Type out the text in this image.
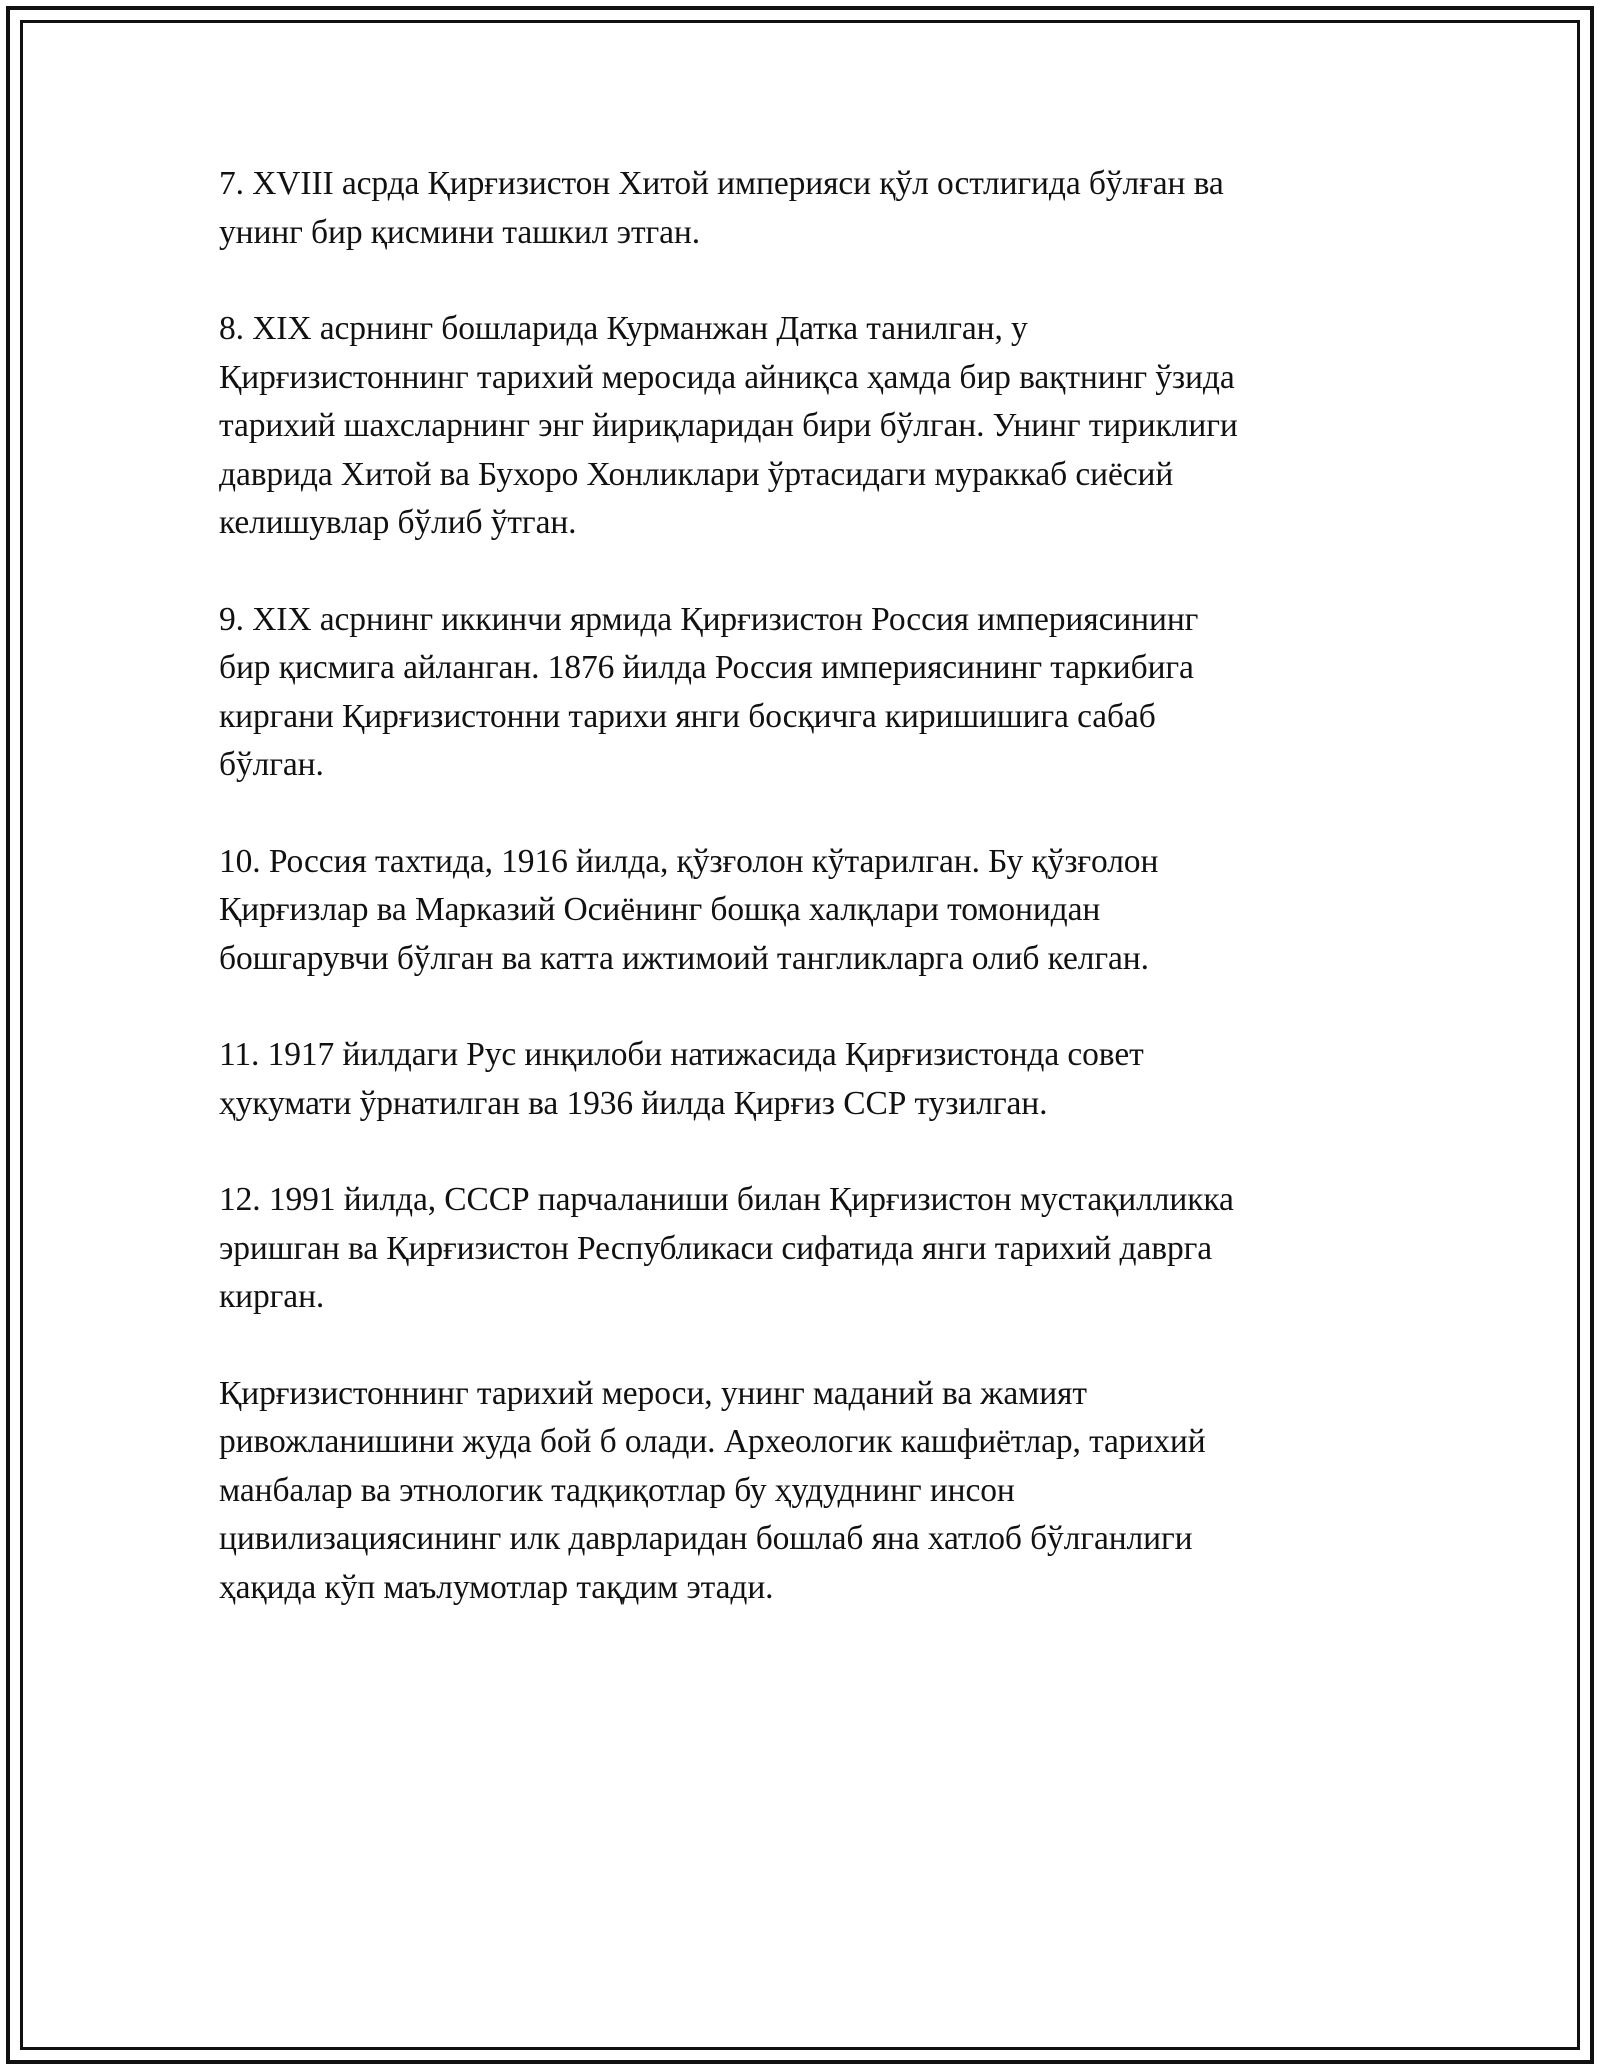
7. XVIII асрда Қирғизистон Хитой империяси қўл остлигида бўлған ва
унинг бир қисмини ташкил этган.

8. XIX асрнинг бошларида Курманжан Датка танилган, у
Қирғизистоннинг тарихий меросида айниқса ҳамда бир вақтнинг ўзида
тарихий шахсларнинг энг йириқларидан бири бўлган. Унинг тириклиги
даврида Хитой ва Бухоро Хонликлари ўртасидаги мураккаб сиёсий
келишувлар бўлиб ўтган.

9. XIX асрнинг иккинчи ярмида Қирғизистон Россия империясининг
бир қисмига айланган. 1876 йилда Россия империясининг таркибига
киргани Қирғизистонни тарихи янги босқичга киришишига сабаб
бўлган.

10. Россия тахтида, 1916 йилда, қўзғолон кўтарилган. Бу қўзғолон
Қирғизлар ва Марказий Осиёнинг бошқа халқлари томонидан
бошгарувчи бўлган ва катта ижтимоий тангликларга олиб келган.

11. 1917 йилдаги Рус инқилоби натижасида Қирғизистонда совет
ҳукумати ўрнатилган ва 1936 йилда Қирғиз ССР тузилган.

12. 1991 йилда, СССР парчаланиши билан Қирғизистон мустақилликка
эришган ва Қирғизистон Республикаси сифатида янги тарихий даврга
кирган.

Қирғизистоннинг тарихий мероси, унинг маданий ва жамият
ривожланишини жуда бой б олади. Археологик кашфиётлар, тарихий
манбалар ва этнологик тадқиқотлар бу ҳудуднинг инсон
цивилизациясининг илк даврларидан бошлаб яна хатлоб бўлганлиги
ҳақида кўп маълумотлар тақдим этади.
